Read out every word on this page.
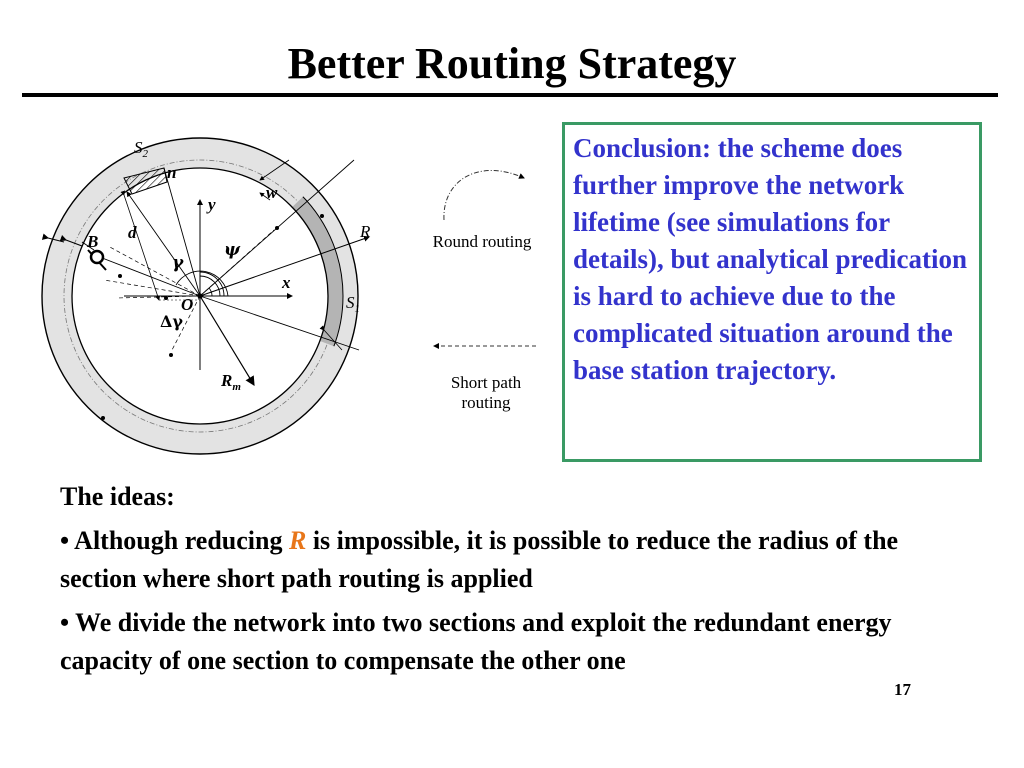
Better Routing Strategy
$S_2$
n
w
y
x
d
B
R
O
$R_m$
$S_1$
γ
ψ
Δγ
Round routing
Short path
routing
Conclusion: the scheme does further improve the network lifetime (see simulations for details), but analytical predication is hard to achieve due to the complicated situation around the base station trajectory.

The ideas:

• Although reducing R is impossible, it is possible to reduce the radius of the section where short path routing is applied

• We divide the network into two sections and exploit the redundant energy capacity of one section to compensate the other one

17
